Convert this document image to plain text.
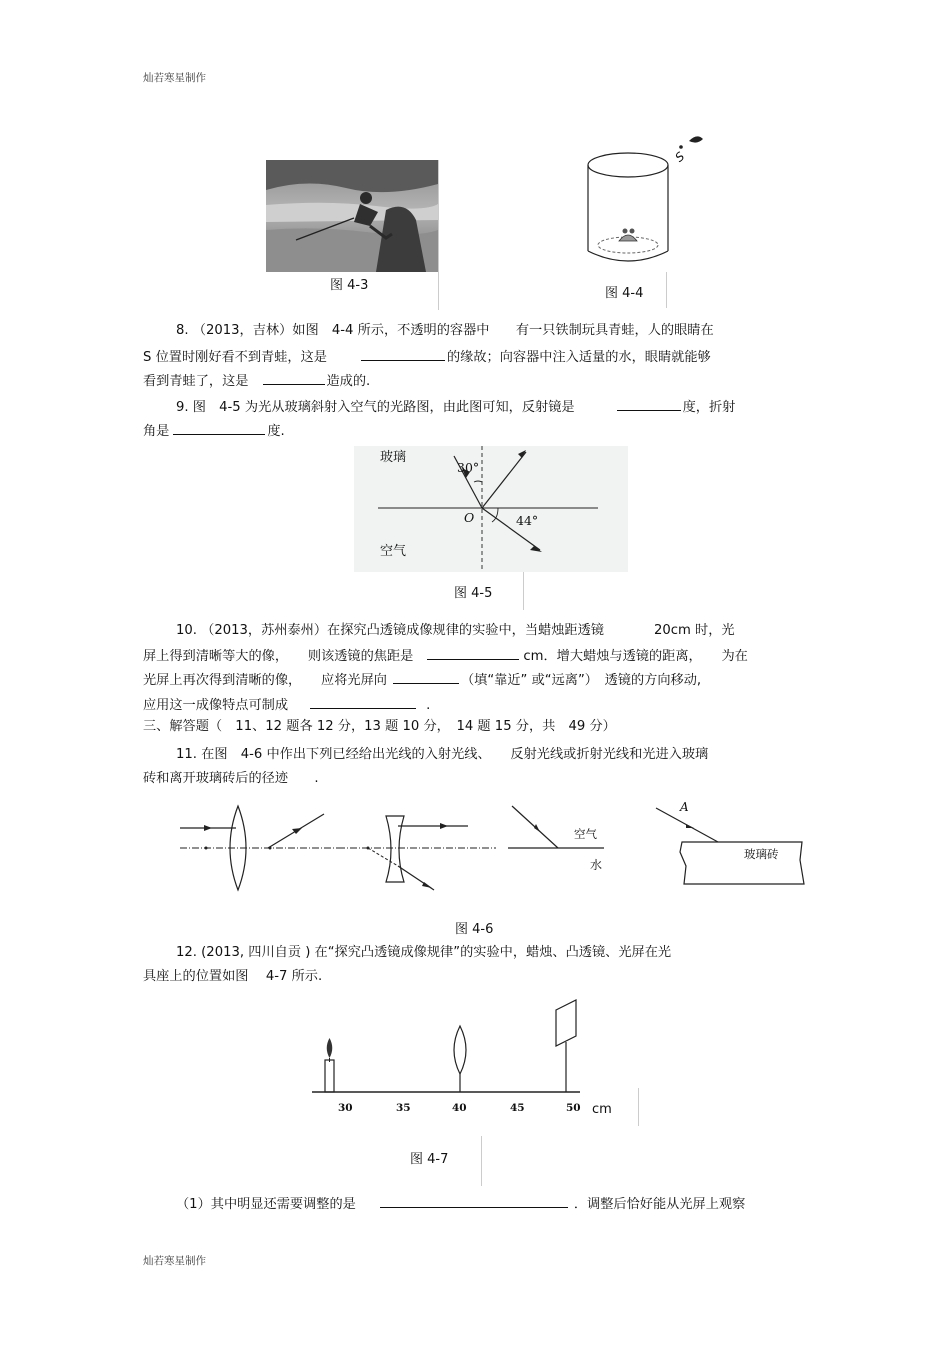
灿若寒星制作
灿若寒星制作
图 4-3
S
图 4-4
8. （2013，吉林）如图　4-4 所示，不透明的容器中　　有一只铁制玩具青蛙，人的眼睛在
S 位置时刚好看不到青蛙，这是	的缘故；向容器中注入适量的水，眼睛就能够
看到青蛙了，这是	造成的.
9. 图　4-5 为光从玻璃斜射入空气的光路图，由此图可知，反射镜是	度，折射
角是	度.
玻璃
30°
O	44°
空气
图 4-5
10. （2013，苏州泰州）在探究凸透镜成像规律的实验中，当蜡烛距透镜	20cm 时，光
屏上得到清晰等大的像，　　则该透镜的焦距是	cm．增大蜡烛与透镜的距离，　　为在
光屏上再次得到清晰的像，　　应将光屏向	（填“靠近” 或“远离”）　透镜的方向移动,
应用这一成像特点可制成	.
三、解答题（　11、12 题各 12 分，13 题 10 分，　14 题 15 分，共　49 分）
11. 在图　4-6 中作出下列已经给出光线的入射光线、　　反射光线或折射光线和光进入玻璃
砖和离开玻璃砖后的径迹　　.
空气
水
A
玻璃砖
图 4-6
12. (2013, 四川自贡 ) 在“探究凸透镜成像规律”的实验中，蜡烛、凸透镜、光屏在光
具座上的位置如图　 4-7 所示.
30	35	40	45	50 cm
图 4-7
（1）其中明显还需要调整的是	．调整后恰好能从光屏上观察
